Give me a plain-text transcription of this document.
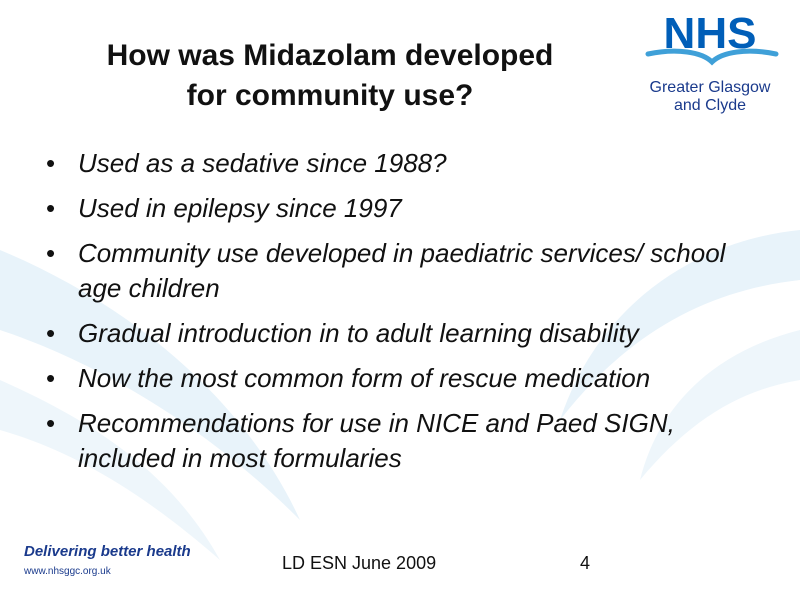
How was Midazolam developed
for community use?
NHS
Greater Glasgow
and Clyde
• Used as a sedative since 1988?
• Used in epilepsy since 1997
• Community use developed in paediatric services/ school age children
• Gradual introduction in to adult learning disability
• Now the most common form of rescue medication
• Recommendations for use in NICE and Paed SIGN, included in most formularies
Delivering better health
www.nhsggc.org.uk	LD ESN June 2009	4
